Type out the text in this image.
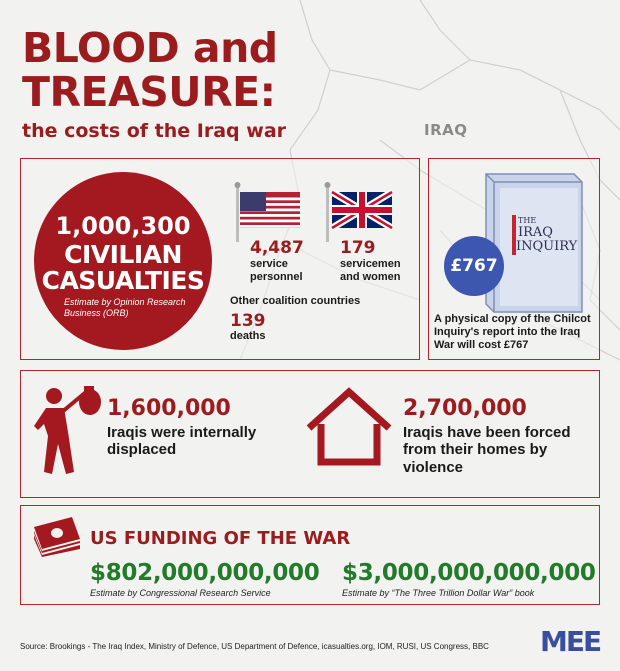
BLOOD and
TREASURE:
the costs of the Iraq war	IRAQ
1,000,300
CIVILIAN
CASUALTIES
Estimate by Opinion Research Business (ORB)
4,487
service personnel
179
servicemen and women
Other coalition countries
139
deaths
THE
IRAQ
INQUIRY
£767
A physical copy of the Chilcot Inquiry's report into the Iraq War will cost £767
1,600,000
Iraqis were internally displaced
2,700,000
Iraqis have been forced from their homes by violence
US FUNDING OF THE WAR
$802,000,000,000
Estimate by Congressional Research Service
$3,000,000,000,000
Estimate by “The Three Trillion Dollar War” book
Source: Brookings - The Iraq Index, Ministry of Defence, US Department of Defence, icasualties.org, IOM, RUSI, US Congress, BBC MEE
